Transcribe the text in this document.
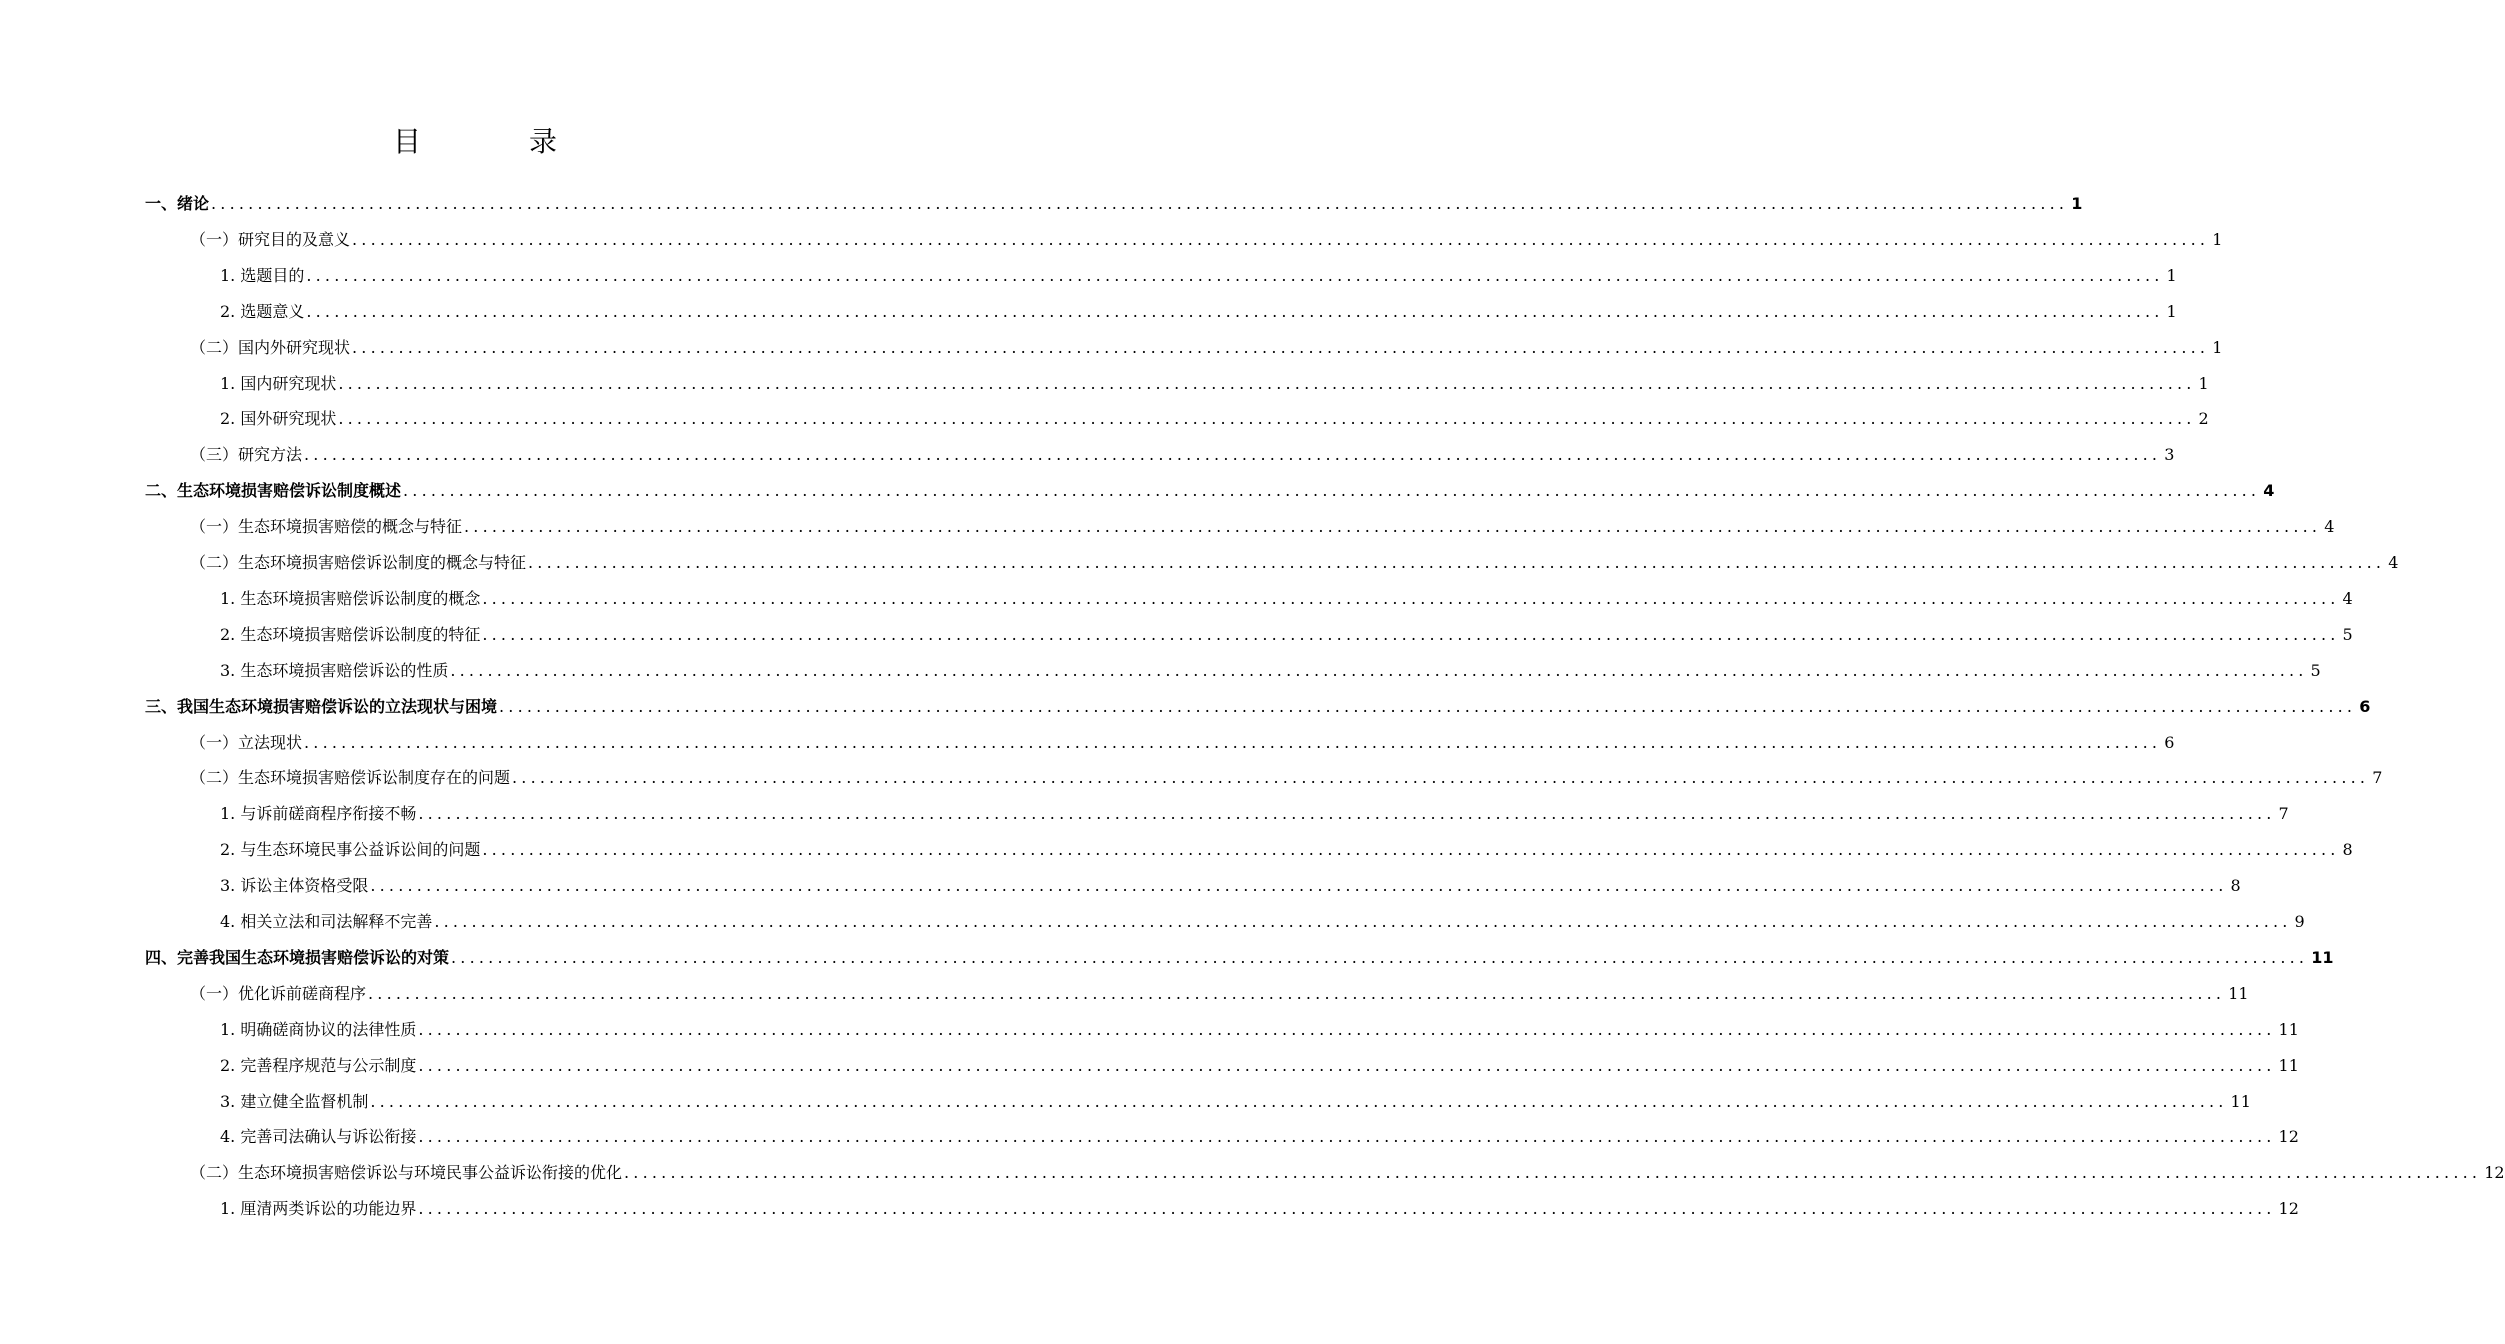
目　录
一、绪论 ........................................................................................................................................................................................................ 1
（一）研究目的及意义 ........................................................................................................................................................................................................ 1
1. 选题目的 ........................................................................................................................................................................................................ 1
2. 选题意义 ........................................................................................................................................................................................................ 1
（二）国内外研究现状 ........................................................................................................................................................................................................ 1
1. 国内研究现状 ........................................................................................................................................................................................................ 1
2. 国外研究现状 ........................................................................................................................................................................................................ 2
（三）研究方法 ........................................................................................................................................................................................................ 3
二、生态环境损害赔偿诉讼制度概述 ........................................................................................................................................................................................................ 4
（一）生态环境损害赔偿的概念与特征 ........................................................................................................................................................................................................ 4
（二）生态环境损害赔偿诉讼制度的概念与特征 ........................................................................................................................................................................................................ 4
1. 生态环境损害赔偿诉讼制度的概念 ........................................................................................................................................................................................................ 4
2. 生态环境损害赔偿诉讼制度的特征 ........................................................................................................................................................................................................ 5
3. 生态环境损害赔偿诉讼的性质 ........................................................................................................................................................................................................ 5
三、我国生态环境损害赔偿诉讼的立法现状与困境 ........................................................................................................................................................................................................ 6
（一）立法现状 ........................................................................................................................................................................................................ 6
（二）生态环境损害赔偿诉讼制度存在的问题 ........................................................................................................................................................................................................ 7
1. 与诉前磋商程序衔接不畅 ........................................................................................................................................................................................................ 7
2. 与生态环境民事公益诉讼间的问题 ........................................................................................................................................................................................................ 8
3. 诉讼主体资格受限 ........................................................................................................................................................................................................ 8
4. 相关立法和司法解释不完善 ........................................................................................................................................................................................................ 9
四、完善我国生态环境损害赔偿诉讼的对策 ........................................................................................................................................................................................................ 11
（一）优化诉前磋商程序 ........................................................................................................................................................................................................ 11
1. 明确磋商协议的法律性质 ........................................................................................................................................................................................................ 11
2. 完善程序规范与公示制度 ........................................................................................................................................................................................................ 11
3. 建立健全监督机制 ........................................................................................................................................................................................................ 11
4. 完善司法确认与诉讼衔接 ........................................................................................................................................................................................................ 12
（二）生态环境损害赔偿诉讼与环境民事公益诉讼衔接的优化 ........................................................................................................................................................................................................ 12
1. 厘清两类诉讼的功能边界 ........................................................................................................................................................................................................ 12
